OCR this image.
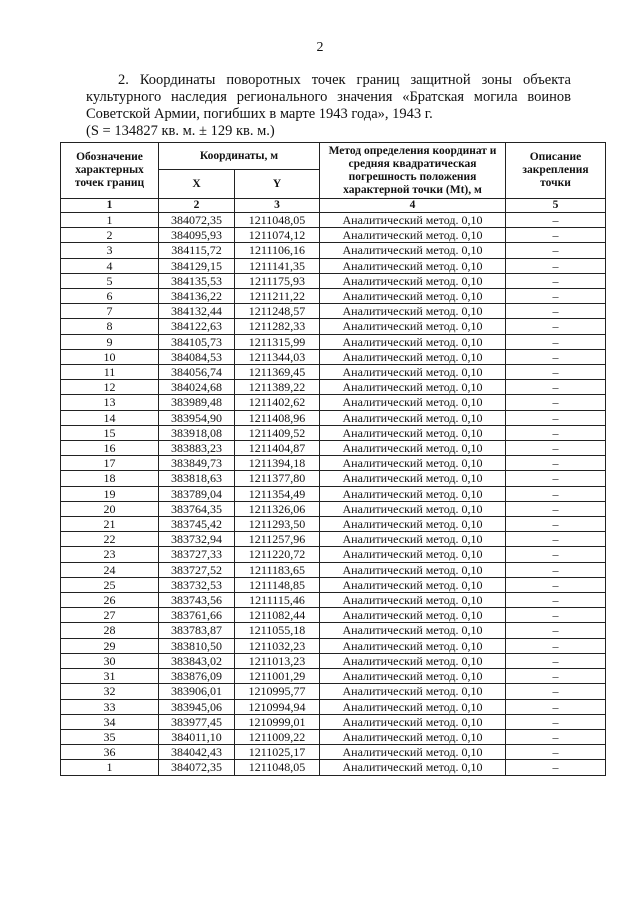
2

2. Координаты поворотных точек границ защитной зоны объекта культурного наследия регионального значения «Братская могила воинов Советской Армии, погибших в марте 1943 года», 1943 г.

(S = 134827 кв. м. ± 129 кв. м.)

Обозначение характерных точек границ	Координаты, м		Метод определения координат и средняя квадратическая погрешность положения характерной точки (Mt), м	Описание закрепления точки
	X	Y		
1	2	3	4	5
1	384072,35	1211048,05	Аналитический метод. 0,10	–
2	384095,93	1211074,12	Аналитический метод. 0,10	–
3	384115,72	1211106,16	Аналитический метод. 0,10	–
4	384129,15	1211141,35	Аналитический метод. 0,10	–
5	384135,53	1211175,93	Аналитический метод. 0,10	–
6	384136,22	1211211,22	Аналитический метод. 0,10	–
7	384132,44	1211248,57	Аналитический метод. 0,10	–
8	384122,63	1211282,33	Аналитический метод. 0,10	–
9	384105,73	1211315,99	Аналитический метод. 0,10	–
10	384084,53	1211344,03	Аналитический метод. 0,10	–
11	384056,74	1211369,45	Аналитический метод. 0,10	–
12	384024,68	1211389,22	Аналитический метод. 0,10	–
13	383989,48	1211402,62	Аналитический метод. 0,10	–
14	383954,90	1211408,96	Аналитический метод. 0,10	–
15	383918,08	1211409,52	Аналитический метод. 0,10	–
16	383883,23	1211404,87	Аналитический метод. 0,10	–
17	383849,73	1211394,18	Аналитический метод. 0,10	–
18	383818,63	1211377,80	Аналитический метод. 0,10	–
19	383789,04	1211354,49	Аналитический метод. 0,10	–
20	383764,35	1211326,06	Аналитический метод. 0,10	–
21	383745,42	1211293,50	Аналитический метод. 0,10	–
22	383732,94	1211257,96	Аналитический метод. 0,10	–
23	383727,33	1211220,72	Аналитический метод. 0,10	–
24	383727,52	1211183,65	Аналитический метод. 0,10	–
25	383732,53	1211148,85	Аналитический метод. 0,10	–
26	383743,56	1211115,46	Аналитический метод. 0,10	–
27	383761,66	1211082,44	Аналитический метод. 0,10	–
28	383783,87	1211055,18	Аналитический метод. 0,10	–
29	383810,50	1211032,23	Аналитический метод. 0,10	–
30	383843,02	1211013,23	Аналитический метод. 0,10	–
31	383876,09	1211001,29	Аналитический метод. 0,10	–
32	383906,01	1210995,77	Аналитический метод. 0,10	–
33	383945,06	1210994,94	Аналитический метод. 0,10	–
34	383977,45	1210999,01	Аналитический метод. 0,10	–
35	384011,10	1211009,22	Аналитический метод. 0,10	–
36	384042,43	1211025,17	Аналитический метод. 0,10	–
1	384072,35	1211048,05	Аналитический метод. 0,10	–
